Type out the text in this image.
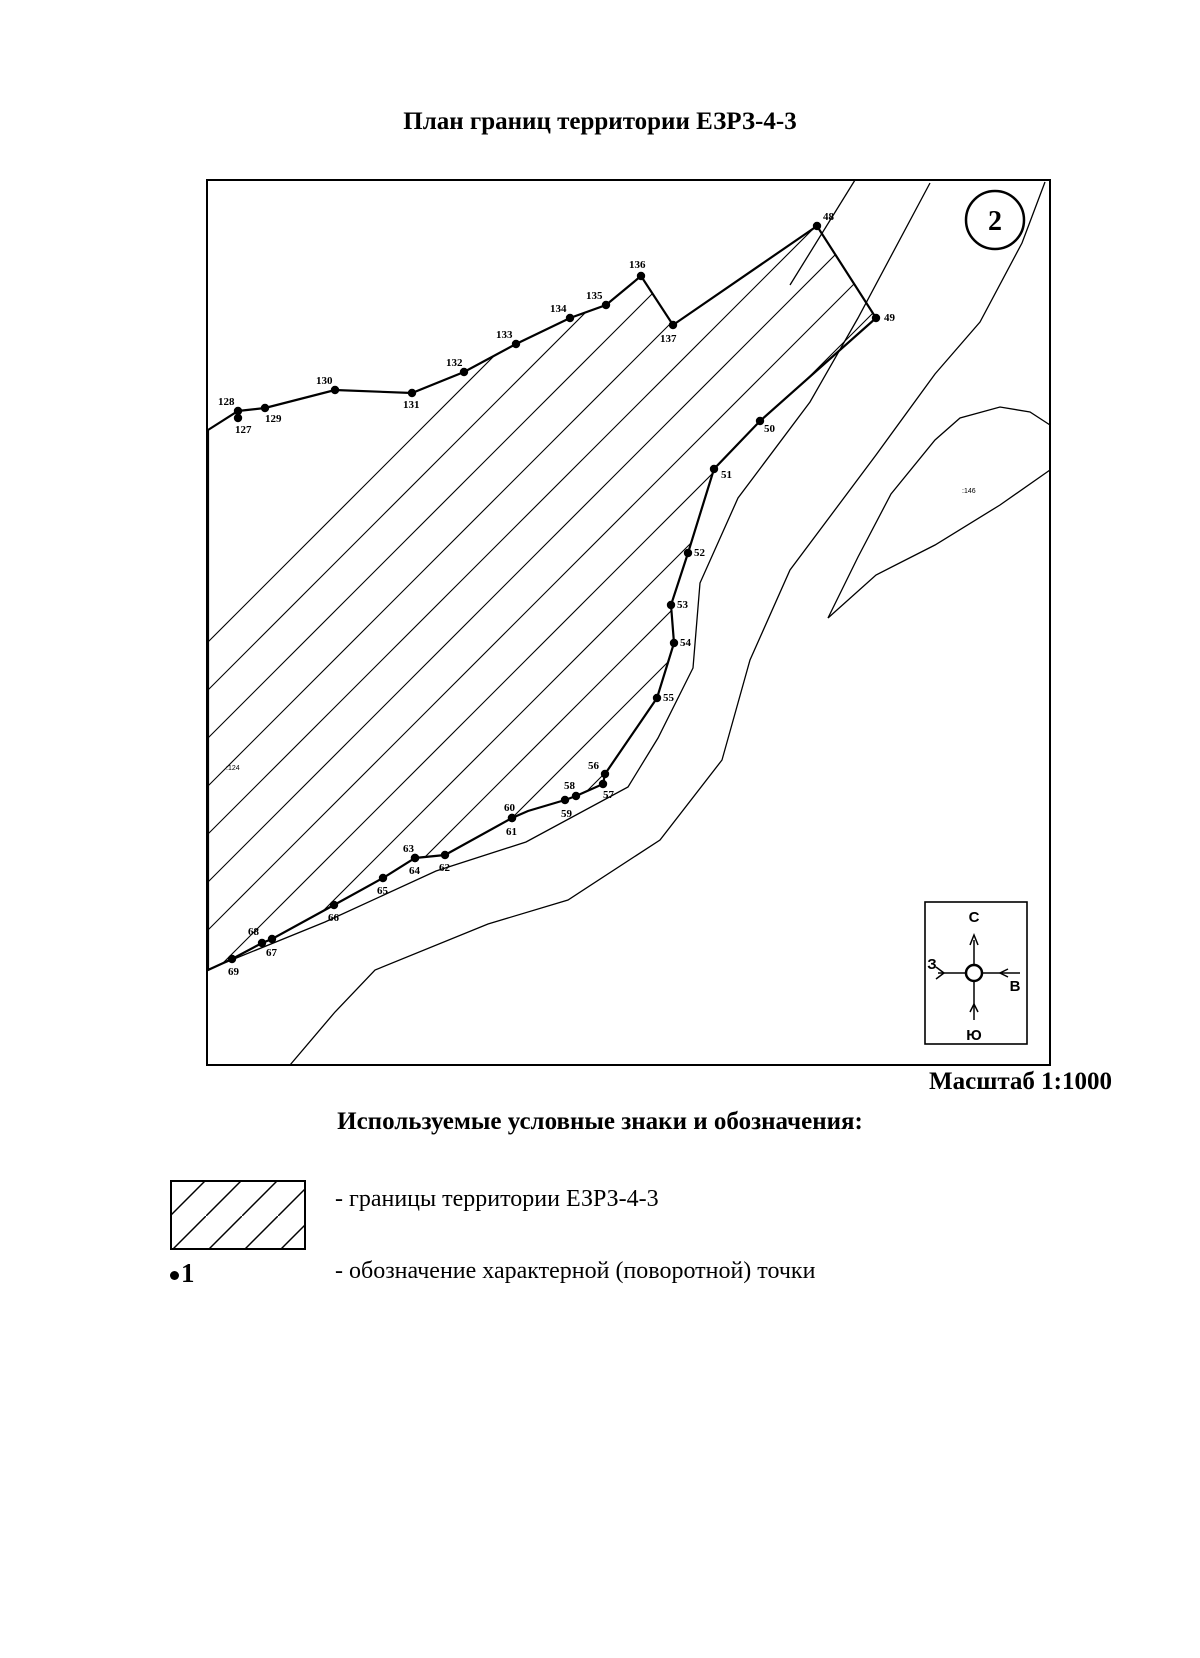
План границ территории ЕЗРЗ-4-3
48
49
50
51
52
53
54
55
56
57
58
59
60
61
62
63
64
65
66
67
68
69
127
128
129
130
131
132
133
134
135
136
137
:146
:124
2
С
З
В
Ю
Масштаб 1:1000
Используемые условные знаки и обозначения:
- границы территории ЕЗРЗ-4-3
1	- обозначение характерной (поворотной) точки
